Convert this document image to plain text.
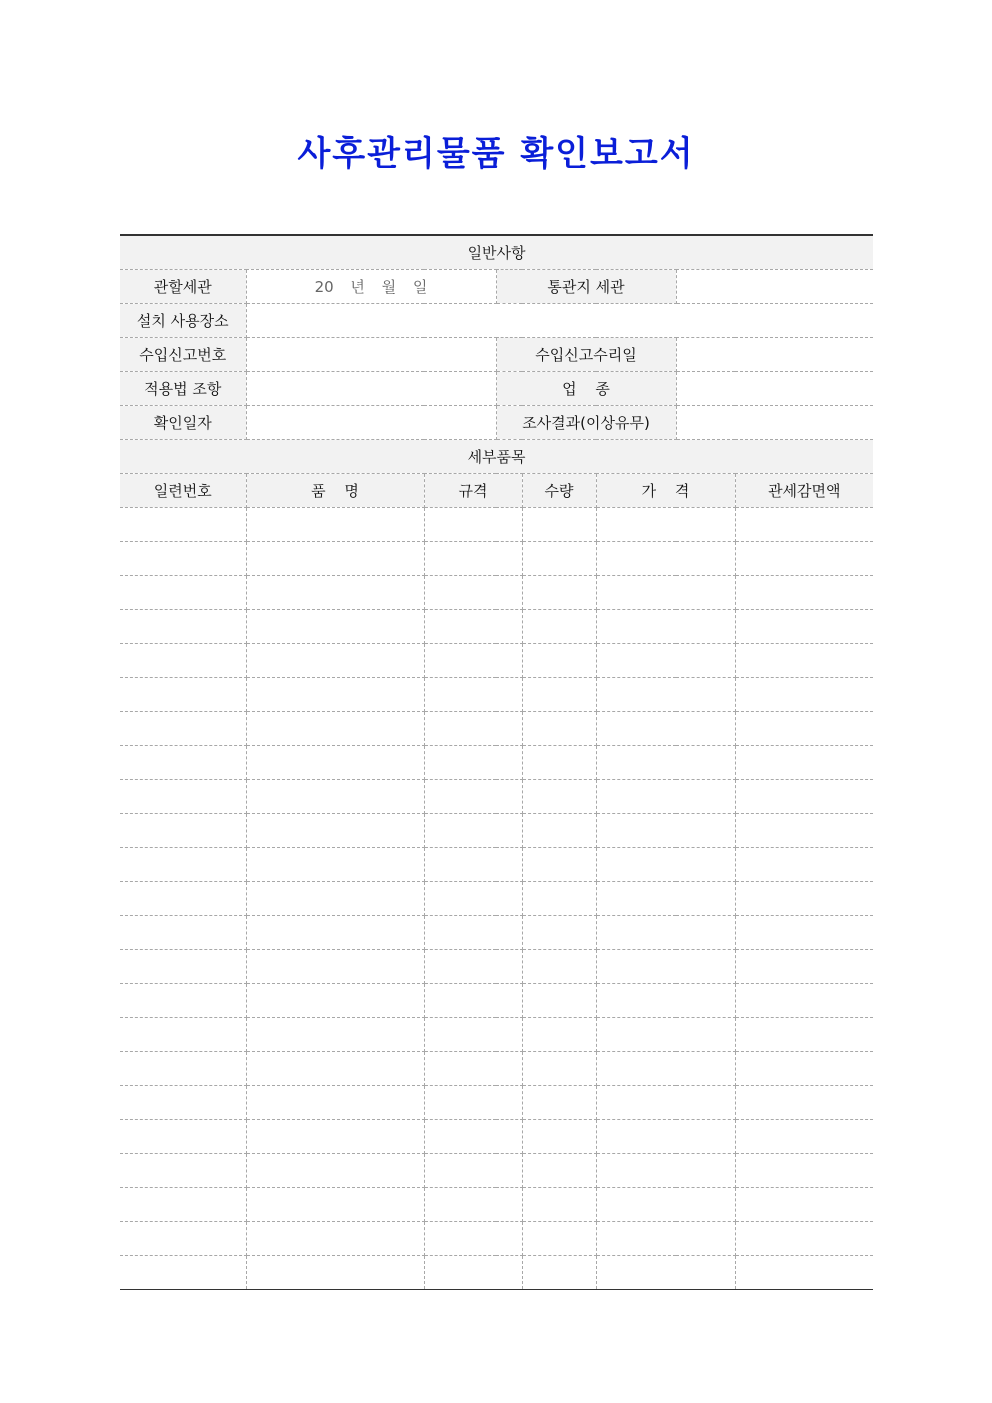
사후관리물품 확인보고서
일반사항							
관할세관	20 년 월 일		통관지 세관				
설치 사용장소							
수입신고번호			수입신고수리일				
적용법 조항			업 종				
확인일자			조사결과(이상유무)				
세부품목							
일련번호	품 명	규격		수량	가 격		관세감면액
